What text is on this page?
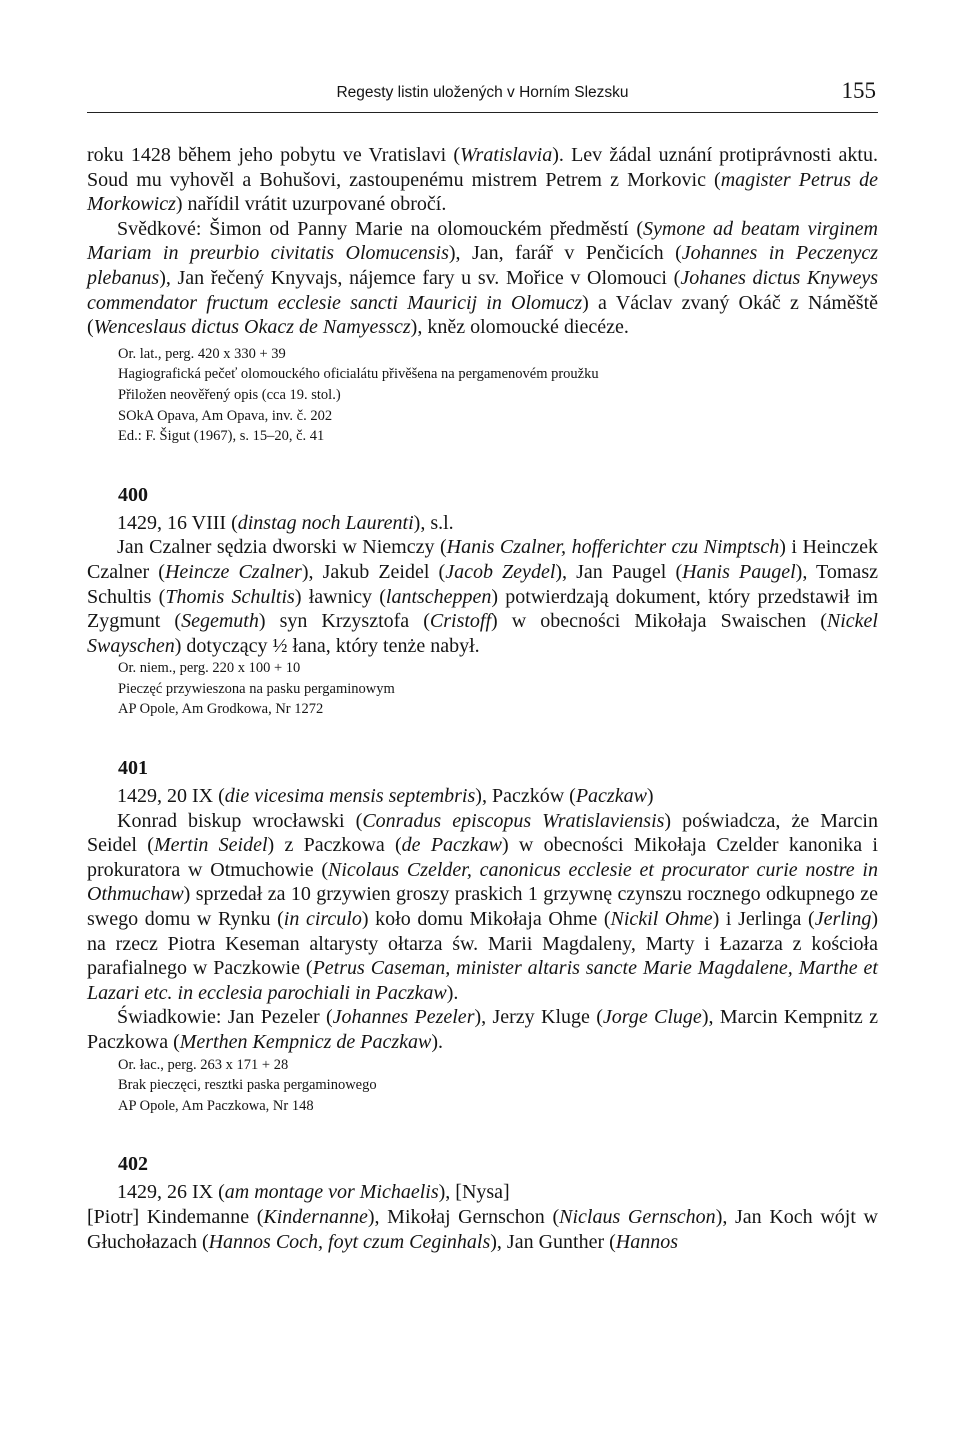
Regesty listin uložených v Horním Slezsku	155

roku 1428 během jeho pobytu ve Vratislavi (Wratislavia). Lev žádal uznání protiprávnosti aktu. Soud mu vyhověl a Bohušovi, zastoupenému mistrem Petrem z Morkovic (magister Petrus de Morkowicz) nařídil vrátit uzurpované obročí.

Svědkové: Šimon od Panny Marie na olomouckém předměstí (Symone ad beatam virginem Mariam in preurbio civitatis Olomucensis), Jan, farář v Penčicích (Johannes in Peczenycz plebanus), Jan řečený Knyvajs, nájemce fary u sv. Mořice v Olomouci (Johanes dictus Knyweys commendator fructum ecclesie sancti Mauricij in Olomucz) a Václav zvaný Okáč z Náměště (Wenceslaus dictus Okacz de Namyesscz), kněz olomoucké diecéze.

Or. lat., perg. 420 x 330 + 39
Hagiografická pečeť olomouckého oficialátu přivěšena na pergamenovém proužku
Přiložen neověřený opis (cca 19. stol.)
SOkA Opava, Am Opava, inv. č. 202
Ed.: F. Šigut (1967), s. 15–20, č. 41
400

1429, 16 VIII (dinstag noch Laurenti), s.l.

Jan Czalner sędzia dworski w Niemczy (Hanis Czalner, hofferichter czu Nimptsch) i Heinczek Czalner (Heincze Czalner), Jakub Zeidel (Jacob Zeydel), Jan Paugel (Hanis Paugel), Tomasz Schultis (Thomis Schultis) ławnicy (lantscheppen) potwierdzają dokument, który przedstawił im Zygmunt (Segemuth) syn Krzysztofa (Cristoff) w obecności Mikołaja Swaischen (Nickel Swayschen) dotyczący ½ łana, który tenże nabył.

Or. niem., perg. 220 x 100 + 10
Pieczęć przywieszona na pasku pergaminowym
AP Opole, Am Grodkowa, Nr 1272
401

1429, 20 IX (die vicesima mensis septembris), Paczków (Paczkaw)

Konrad biskup wrocławski (Conradus episcopus Wratislaviensis) poświadcza, że Marcin Seidel (Mertin Seidel) z Paczkowa (de Paczkaw) w obecności Mikołaja Czelder kanonika i prokuratora w Otmuchowie (Nicolaus Czelder, canonicus ecclesie et procurator curie nostre in Othmuchaw) sprzedał za 10 grzywien groszy praskich 1 grzywnę czynszu rocznego odkupnego ze swego domu w Rynku (in circulo) koło domu Mikołaja Ohme (Nickil Ohme) i Jerlinga (Jerling) na rzecz Piotra Keseman altarysty ołtarza św. Marii Magdaleny, Marty i Łazarza z kościoła parafialnego w Paczkowie (Petrus Caseman, minister altaris sancte Marie Magdalene, Marthe et Lazari etc. in ecclesia parochiali in Paczkaw).

Świadkowie: Jan Pezeler (Johannes Pezeler), Jerzy Kluge (Jorge Cluge), Marcin Kempnitz z Paczkowa (Merthen Kempnicz de Paczkaw).

Or. łac., perg. 263 x 171 + 28
Brak pieczęci, resztki paska pergaminowego
AP Opole, Am Paczkowa, Nr 148
402

1429, 26 IX (am montage vor Michaelis), [Nysa]

[Piotr] Kindemanne (Kindernanne), Mikołaj Gernschon (Niclaus Gernschon), Jan Koch wójt w Głuchołazach (Hannos Coch, foyt czum Ceginhals), Jan Gunther (Hannos
